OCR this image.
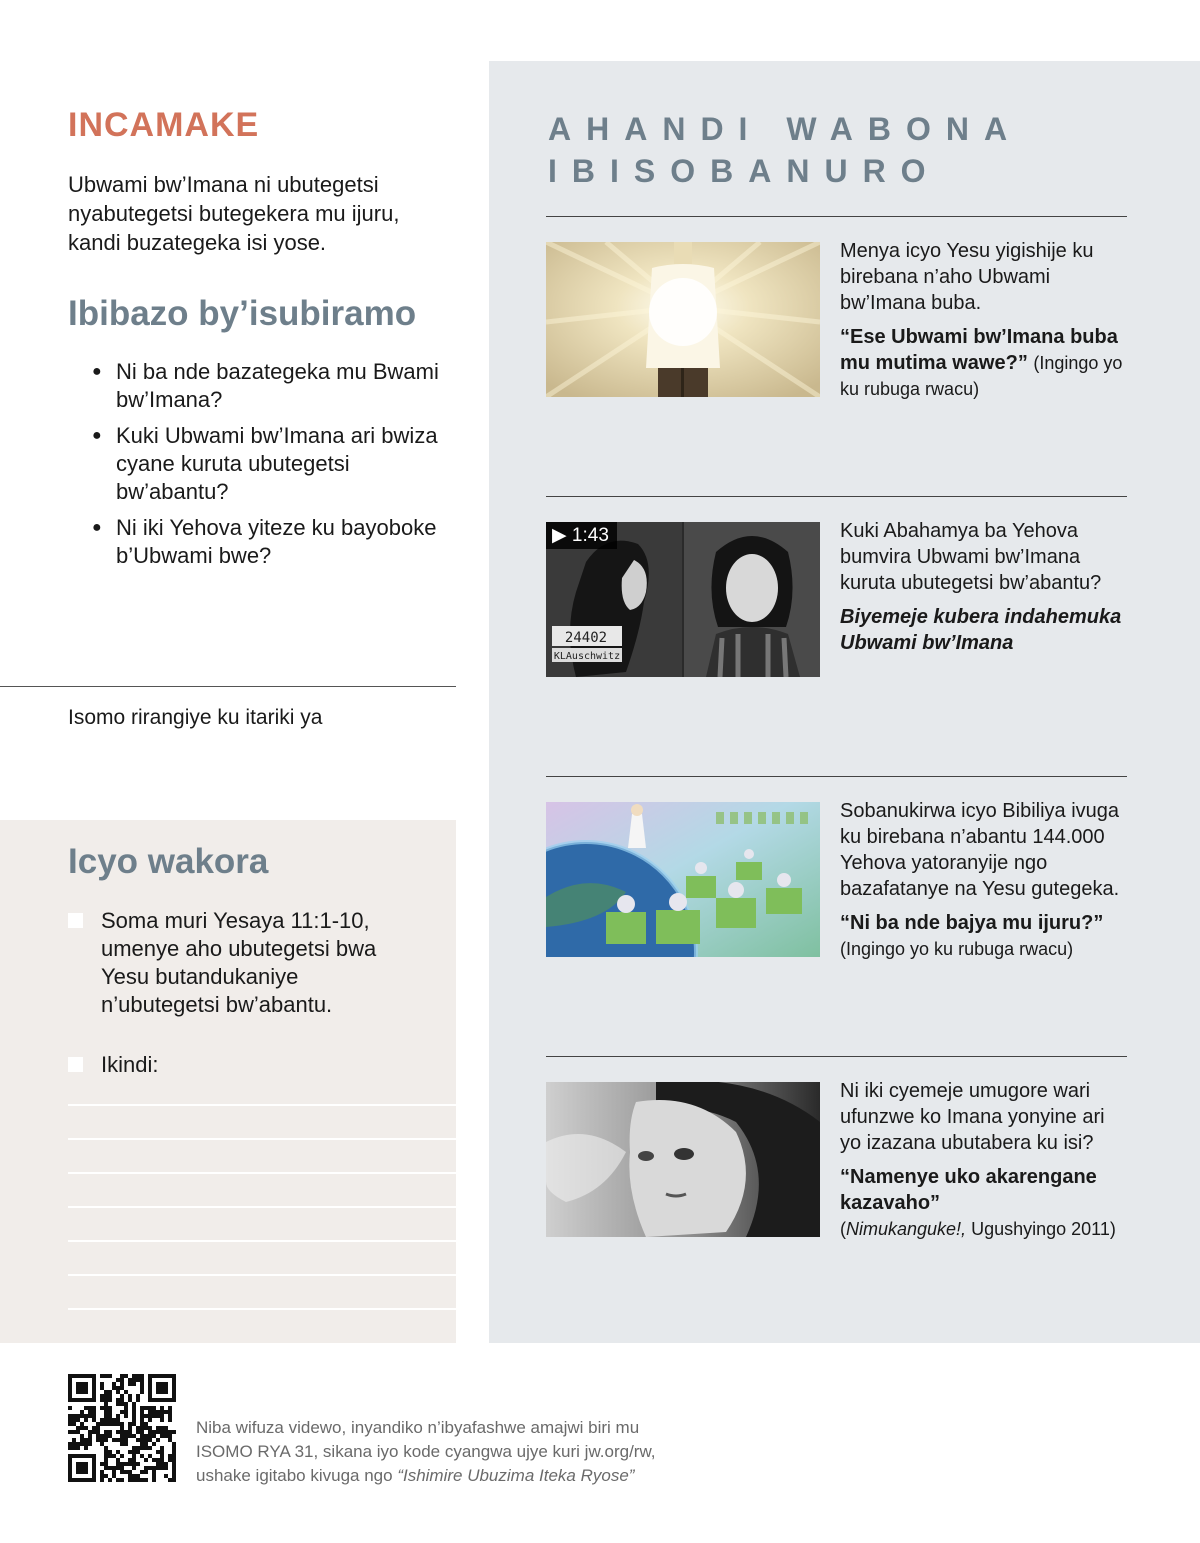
INCAMAKE
Ubwami bw’Imana ni ubutegetsi nyabutegetsi butegekera mu ijuru, kandi buzategeka isi yose.
Ibibazo by’isubiramo
● Ni ba nde bazategeka mu Bwami bw’Imana?
● Kuki Ubwami bw’Imana ari bwiza cyane kuruta ubutegetsi bw’abantu?
● Ni iki Yehova yiteze ku bayoboke b’Ubwami bwe?
Isomo rirangiye ku itariki ya
Icyo wakora
Soma muri Yesaya 11:1-10, umenye aho ubutegetsi bwa Yesu butandukaniye n’ubutegetsi bw’abantu.
Ikindi:
AHANDI WABONA IBISOBANURO
Menya icyo Yesu yigishije ku birebana n’aho Ubwami bw’Imana buba.
“Ese Ubwami bw’Imana buba mu mutima wawe?” (Ingingo yo ku rubuga rwacu)
24402
KLAuschwitz
▶ 1:43	Kuki Abahamya ba Yehova bumvira Ubwami bw’Imana kuruta ubutegetsi bw’abantu?
Biyemeje kubera indahemuka Ubwami bw’Imana
Sobanukirwa icyo Bibiliya ivuga ku birebana n’abantu 144.000 Yehova yatoranyije ngo bazafatanye na Yesu gutegeka.
“Ni ba nde bajya mu ijuru?”
(Ingingo yo ku rubuga rwacu)
Ni iki cyemeje umugore wari ufunzwe ko Imana yonyine ari yo izazana ubutabera ku isi?
“Namenye uko akarengane kazavaho”
(Nimukanguke!, Ugushyingo 2011)
Niba wifuza videwo, inyandiko n’ibyafashwe amajwi biri mu
ISOMO RYA 31, sikana iyo kode cyangwa ujye kuri jw.org/rw,
ushake igitabo kivuga ngo “Ishimire Ubuzima Iteka Ryose”
